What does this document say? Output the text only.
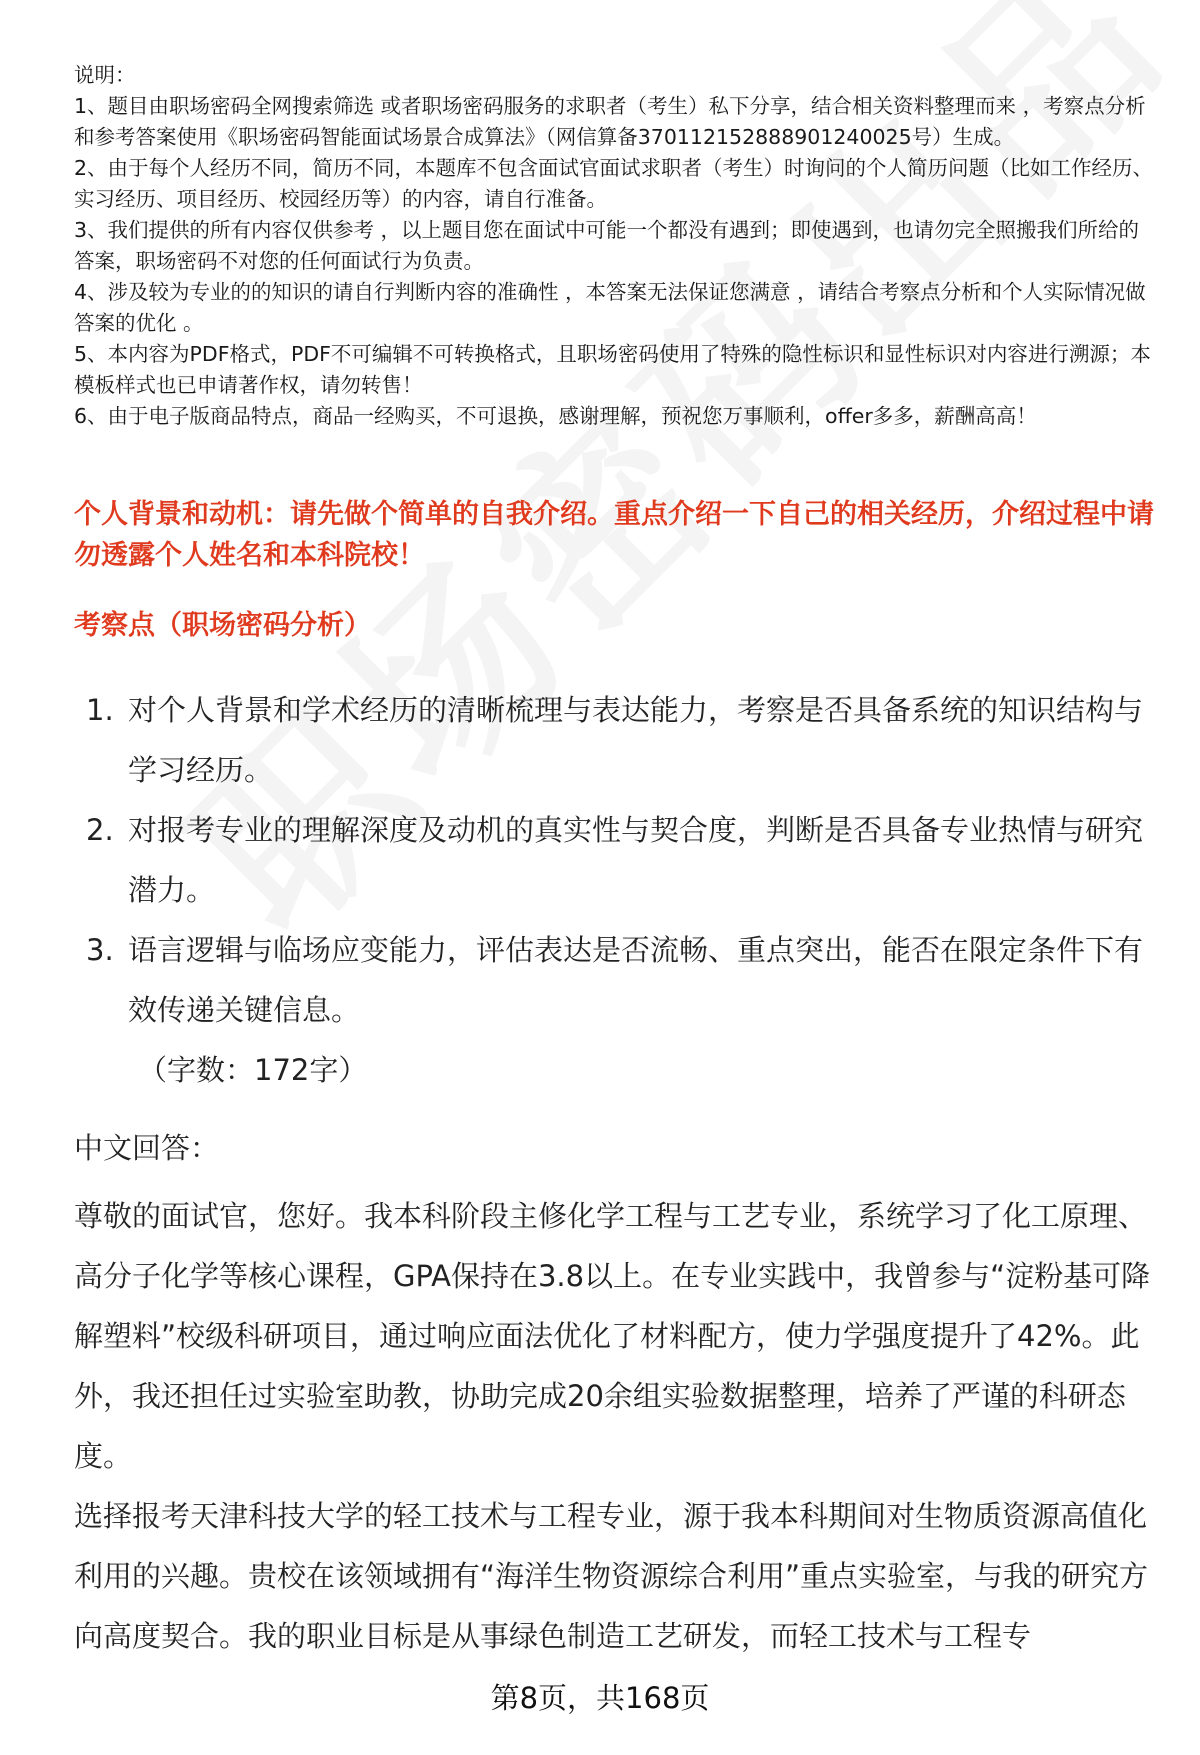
说明：

1、题目由职场密码全网搜索筛选 或者职场密码服务的求职者（考生）私下分享，结合相关资料整理而来 ，考察点分析和参考答案使用《职场密码智能面试场景合成算法》（网信算备370112152888901240025号）生成。

2、由于每个人经历不同，简历不同，本题库不包含面试官面试求职者（考生）时询问的个人简历问题（比如工作经历、实习经历、项目经历、校园经历等）的内容，请自行准备。

3、我们提供的所有内容仅供参考 ，以上题目您在面试中可能一个都没有遇到；即使遇到，也请勿完全照搬我们所给的答案，职场密码不对您的任何面试行为负责。

4、涉及较为专业的的知识的请自行判断内容的准确性 ，本答案无法保证您满意 ，请结合考察点分析和个人实际情况做答案的优化 。

5、本内容为PDF格式，PDF不可编辑不可转换格式，且职场密码使用了特殊的隐性标识和显性标识对内容进行溯源；本模板样式也已申请著作权，请勿转售！

6、由于电子版商品特点，商品一经购买，不可退换，感谢理解，预祝您万事顺利，offer多多，薪酬高高！

个人背景和动机：请先做个简单的自我介绍。重点介绍一下自己的相关经历，介绍过程中请勿透露个人姓名和本科院校！
考察点（职场密码分析）
1. 对个人背景和学术经历的清晰梳理与表达能力，考察是否具备系统的知识结构与学习经历。
2. 对报考专业的理解深度及动机的真实性与契合度，判断是否具备专业热情与研究潜力。
3. 语言逻辑与临场应变能力，评估表达是否流畅、重点突出，能否在限定条件下有效传递关键信息。
（字数：172字）
中文回答：

尊敬的面试官，您好。我本科阶段主修化学工程与工艺专业，系统学习了化工原理、高分子化学等核心课程，GPA保持在3.8以上。在专业实践中，我曾参与“淀粉基可降解塑料”校级科研项目，通过响应面法优化了材料配方，使力学强度提升了42%。此外，我还担任过实验室助教，协助完成20余组实验数据整理，培养了严谨的科研态度。

选择报考天津科技大学的轻工技术与工程专业，源于我本科期间对生物质资源高值化利用的兴趣。贵校在该领域拥有“海洋生物资源综合利用”重点实验室，与我的研究方向高度契合。我的职业目标是从事绿色制造工艺研发，而轻工技术与工程专

第8页，共168页
